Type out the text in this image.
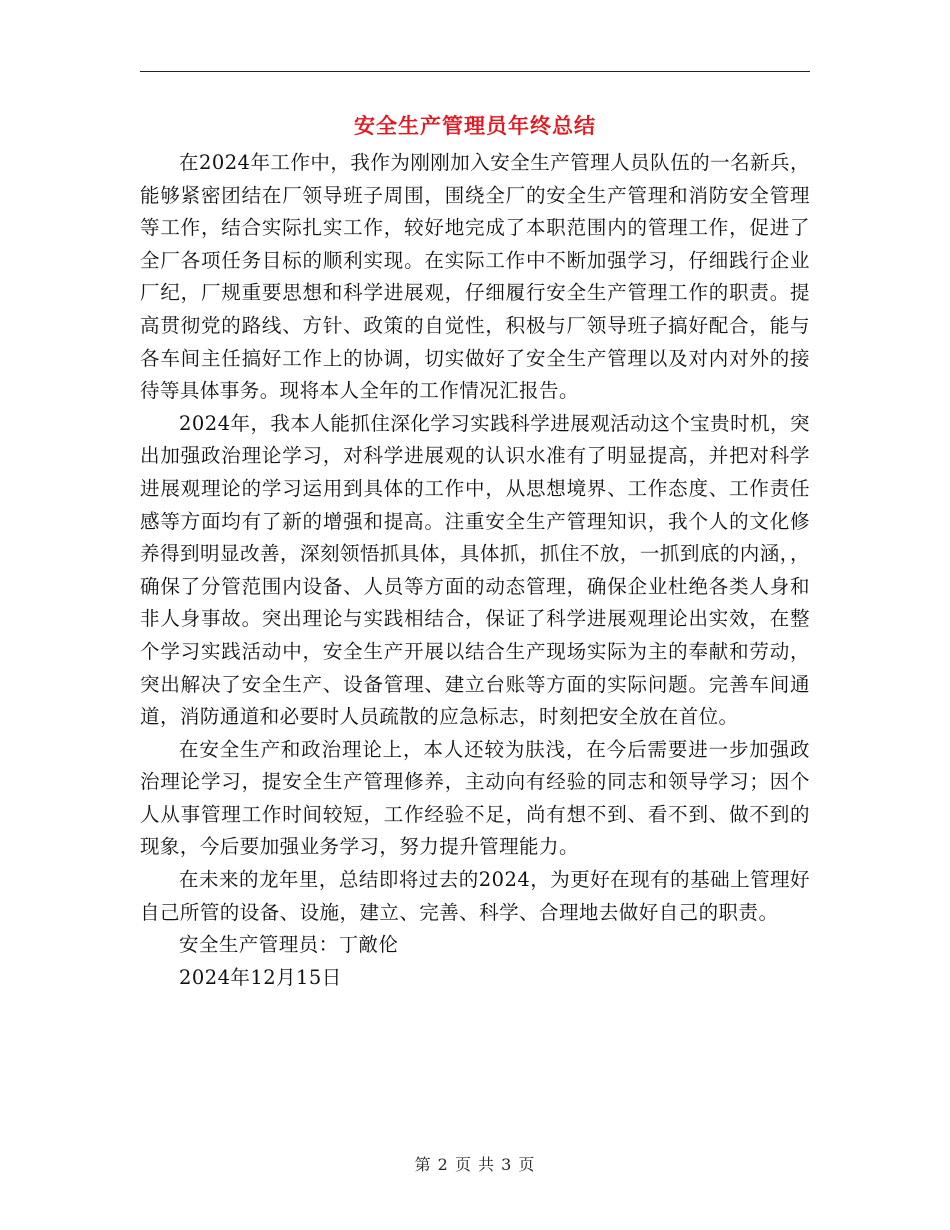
安全生产管理员年终总结

在2024年工作中，我作为刚刚加入安全生产管理人员队伍的一名新兵，能够紧密团结在厂领导班子周围，围绕全厂的安全生产管理和消防安全管理等工作，结合实际扎实工作，较好地完成了本职范围内的管理工作，促进了全厂各项任务目标的顺利实现。在实际工作中不断加强学习，仔细践行企业厂纪，厂规重要思想和科学进展观，仔细履行安全生产管理工作的职责。提高贯彻党的路线、方针、政策的自觉性，积极与厂领导班子搞好配合，能与各车间主任搞好工作上的协调，切实做好了安全生产管理以及对内对外的接待等具体事务。现将本人全年的工作情况汇报告。

2024年，我本人能抓住深化学习实践科学进展观活动这个宝贵时机，突出加强政治理论学习，对科学进展观的认识水准有了明显提高，并把对科学进展观理论的学习运用到具体的工作中，从思想境界、工作态度、工作责任感等方面均有了新的增强和提高。注重安全生产管理知识，我个人的文化修养得到明显改善，深刻领悟抓具体，具体抓，抓住不放，一抓到底的内涵，，确保了分管范围内设备、人员等方面的动态管理，确保企业杜绝各类人身和非人身事故。突出理论与实践相结合，保证了科学进展观理论出实效，在整个学习实践活动中，安全生产开展以结合生产现场实际为主的奉献和劳动，突出解决了安全生产、设备管理、建立台账等方面的实际问题。完善车间通道，消防通道和必要时人员疏散的应急标志，时刻把安全放在首位。

在安全生产和政治理论上，本人还较为肤浅，在今后需要进一步加强政治理论学习，提安全生产管理修养，主动向有经验的同志和领导学习；因个人从事管理工作时间较短，工作经验不足，尚有想不到、看不到、做不到的现象，今后要加强业务学习，努力提升管理能力。

在未来的龙年里，总结即将过去的2024，为更好在现有的基础上管理好自己所管的设备、设施，建立、完善、科学、合理地去做好自己的职责。

安全生产管理员：丁敵伦

2024年12月15日

第 2 页 共 3 页
